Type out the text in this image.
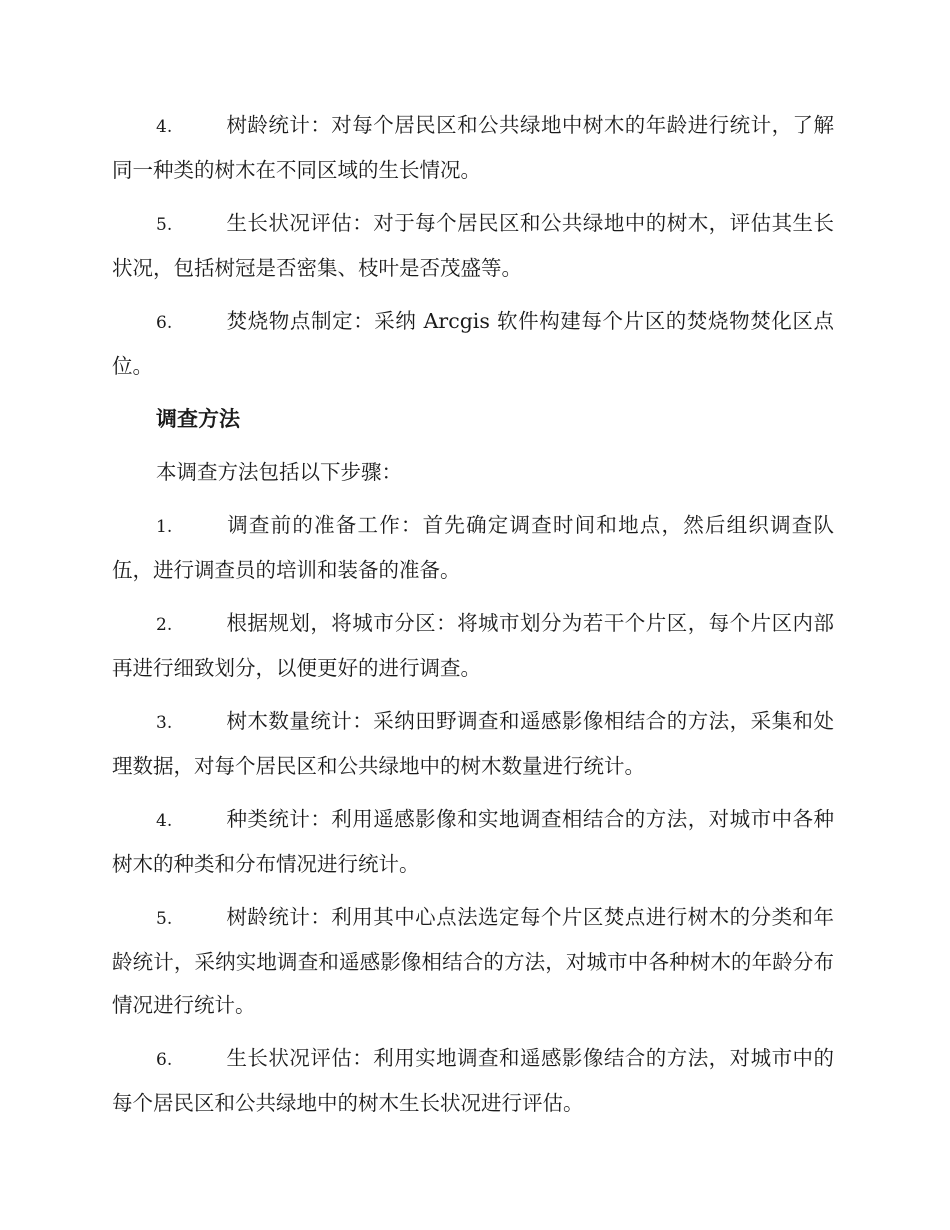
4.	树龄统计：对每个居民区和公共绿地中树木的年龄进行统计，了解同一种类的树木在不同区域的生长情况。

5.	生长状况评估：对于每个居民区和公共绿地中的树木，评估其生长状况，包括树冠是否密集、枝叶是否茂盛等。

6.	焚烧物点制定：采纳 Arcgis 软件构建每个片区的焚烧物焚化区点位。

调查方法

本调查方法包括以下步骤：

1.	调查前的准备工作：首先确定调查时间和地点，然后组织调查队伍，进行调查员的培训和装备的准备。

2.	根据规划，将城市分区：将城市划分为若干个片区，每个片区内部再进行细致划分，以便更好的进行调查。

3.	树木数量统计：采纳田野调查和遥感影像相结合的方法，采集和处理数据，对每个居民区和公共绿地中的树木数量进行统计。

4.	种类统计：利用遥感影像和实地调查相结合的方法，对城市中各种树木的种类和分布情况进行统计。

5.	树龄统计：利用其中心点法选定每个片区焚点进行树木的分类和年龄统计，采纳实地调查和遥感影像相结合的方法，对城市中各种树木的年龄分布情况进行统计。

6.	生长状况评估：利用实地调查和遥感影像结合的方法，对城市中的每个居民区和公共绿地中的树木生长状况进行评估。
